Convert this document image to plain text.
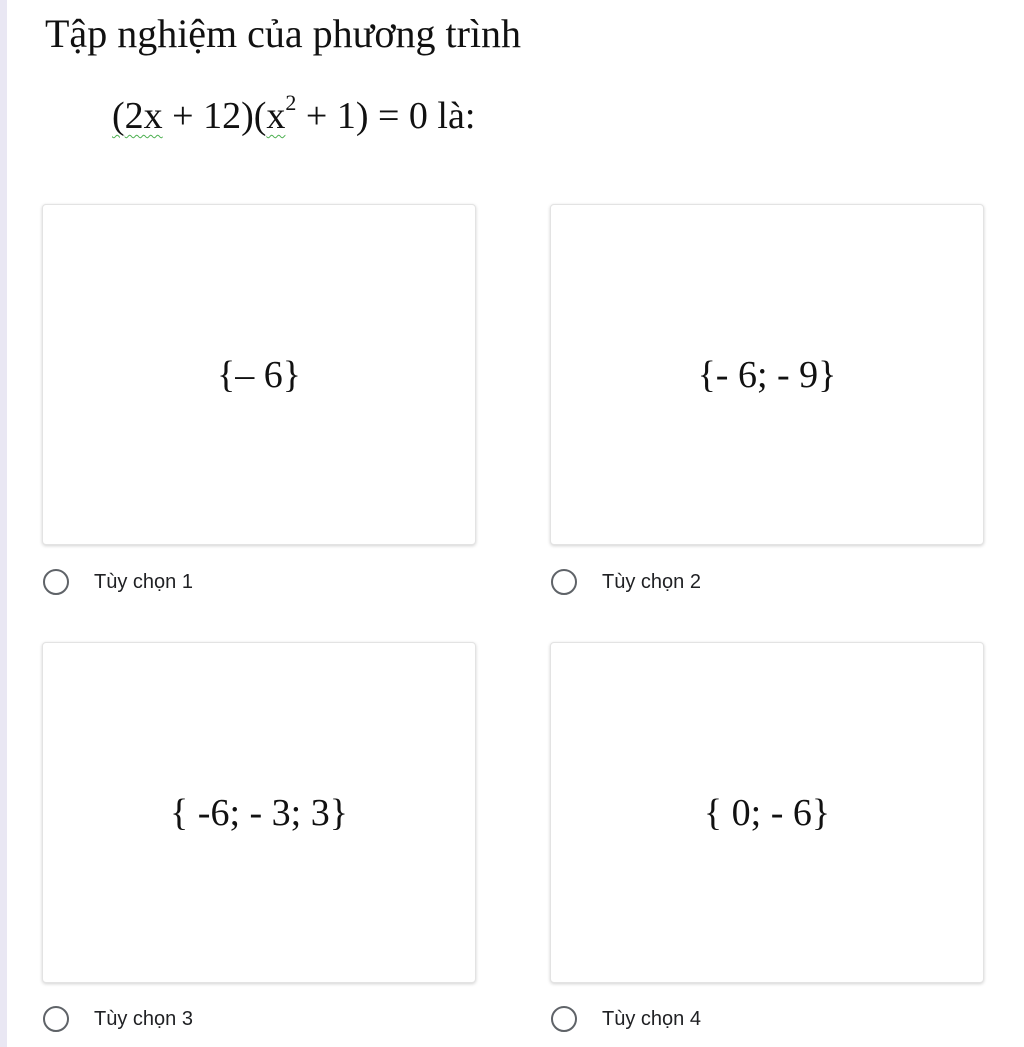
Tập nghiệm của phương trình
$(2x + 12)(x^2 + 1) = 0$ là:
{– 6}
Tùy chọn 1
{- 6; - 9}
Tùy chọn 2
{ -6; - 3; 3}
Tùy chọn 3
{ 0; - 6}
Tùy chọn 4
